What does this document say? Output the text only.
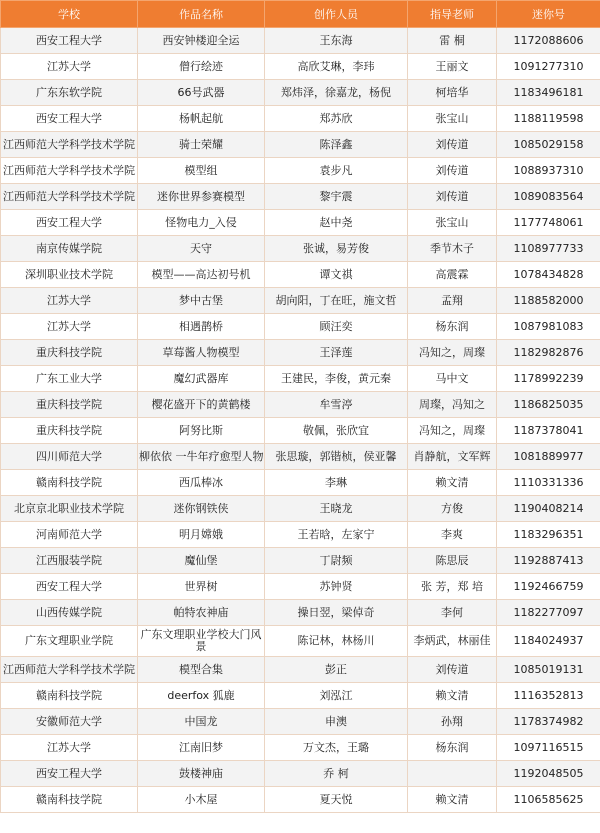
学校	作品名称	创作人员	指导老师	迷你号
西安工程大学	西安钟楼迎全运	王东海	雷 桐	1172088606
江苏大学	僧行绘迹	高欣艾琳，李玮	王丽文	1091277310
广东东软学院	66号武器	郑炜泽，徐嘉龙，杨倪	柯培华	1183496181
西安工程大学	杨帆起航	郑苏欣	张宝山	1188119598
江西师范大学科学技术学院	骑士荣耀	陈泽鑫	刘传道	1085029158
江西师范大学科学技术学院	模型组	袁步凡	刘传道	1088937310
江西师范大学科学技术学院	迷你世界参赛模型	黎宇震	刘传道	1089083564
西安工程大学	怪物电力_入侵	赵中尧	张宝山	1177748061
南京传媒学院	天守	张诚，易芳俊	季节木子	1108977733
深圳职业技术学院	模型——高达初号机	谭文祺	高震霖	1078434828
江苏大学	梦中古堡	胡向阳，丁在旺，施文哲	孟翔	1188582000
江苏大学	相遇鹊桥	顾汪奕	杨东润	1087981083
重庆科技学院	草莓酱人物模型	王泽莲	冯知之，周璨	1182982876
广东工业大学	魔幻武器库	王建民，李俊，黄元秦	马中文	1178992239
重庆科技学院	樱花盛开下的黄鹤楼	牟雪渟	周璨，冯知之	1186825035
重庆科技学院	阿努比斯	敬佩，张欣宜	冯知之，周璨	1187378041
四川师范大学	柳依依 一牛年疗愈型人物	张思璇，郭锴桢，侯亚馨	肖静航，文军辉	1081889977
赣南科技学院	西瓜棒冰	李琳	赖文清	1110331336
北京京北职业技术学院	迷你钢铁侠	王晓龙	方俊	1190408214
河南师范大学	明月嫦娥	王若晗，左家宁	李爽	1183296351
江西服装学院	魔仙堡	丁尉频	陈思辰	1192887413
西安工程大学	世界树	苏钟贤	张 芳，郑 培	1192466759
山西传媒学院	帕特农神庙	操日翌，梁倬奇	李何	1182277097
广东文理职业学院	广东文理职业学校大门风景	陈记林，林杨川	李炳武，林丽佳	1184024937
江西师范大学科学技术学院	模型合集	彭正	刘传道	1085019131
赣南科技学院	deerfox 狐鹿	刘泓江	赖文清	1116352813
安徽师范大学	中国龙	申澳	孙翔	1178374982
江苏大学	江南旧梦	万文杰，王璐	杨东润	1097116515
西安工程大学	鼓楼神庙	乔 柯		1192048505
赣南科技学院	小木屋	夏天悦	赖文清	1106585625
